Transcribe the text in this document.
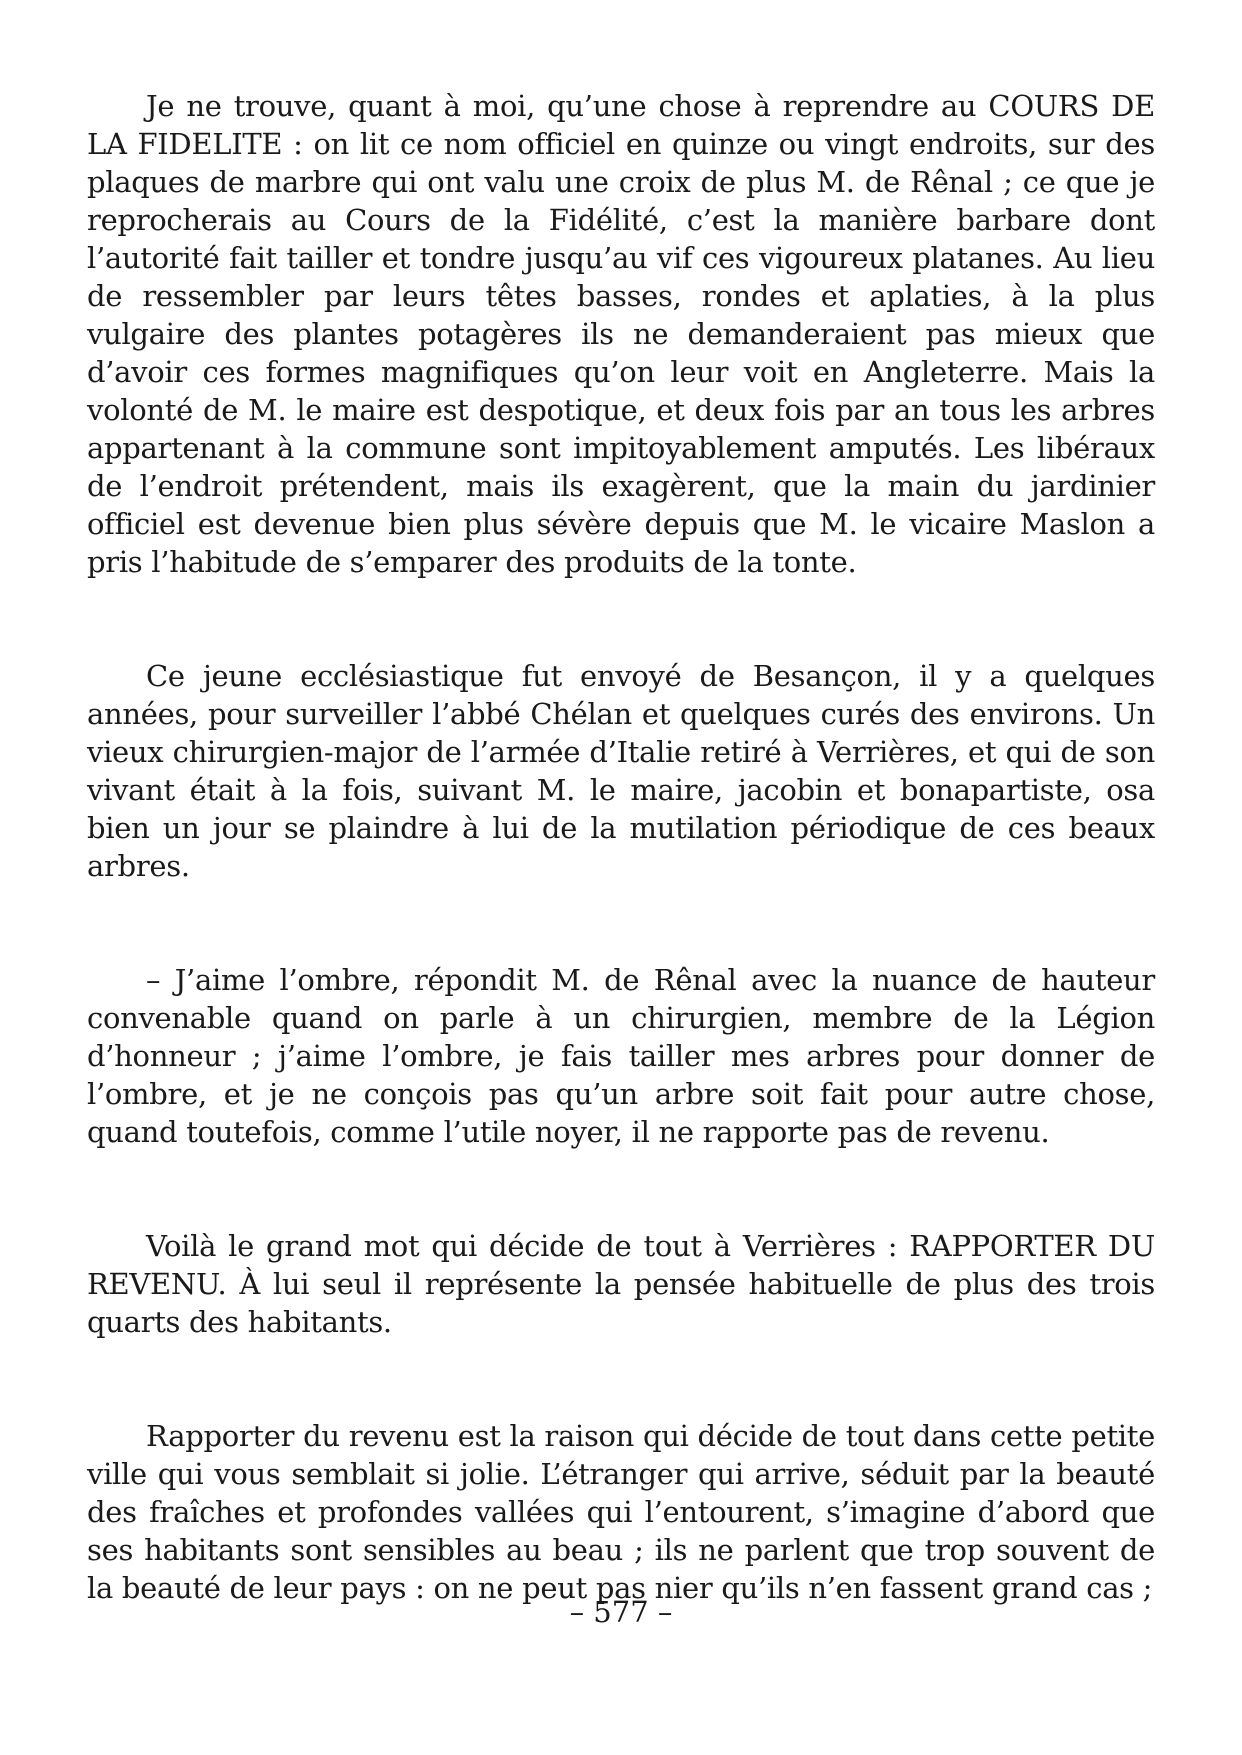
Je ne trouve, quant à moi, qu’une chose à reprendre au COURS DE LA FIDELITE : on lit ce nom officiel en quinze ou vingt endroits, sur des plaques de marbre qui ont valu une croix de plus M. de Rênal ; ce que je reprocherais au Cours de la Fidélité, c’est la manière barbare dont l’autorité fait tailler et tondre jusqu’au vif ces vigoureux platanes. Au lieu de ressembler par leurs têtes basses, rondes et aplaties, à la plus vulgaire des plantes potagères ils ne demanderaient pas mieux que d’avoir ces formes magnifiques qu’on leur voit en Angleterre. Mais la volonté de M. le maire est despotique, et deux fois par an tous les arbres appartenant à la commune sont impitoyablement amputés. Les libéraux de l’endroit prétendent, mais ils exagèrent, que la main du jardinier officiel est devenue bien plus sévère depuis que M. le vicaire Maslon a pris l’habitude de s’emparer des produits de la tonte.

Ce jeune ecclésiastique fut envoyé de Besançon, il y a quelques années, pour surveiller l’abbé Chélan et quelques curés des environs. Un vieux chirurgien-major de l’armée d’Italie retiré à Verrières, et qui de son vivant était à la fois, suivant M. le maire, jacobin et bonapartiste, osa bien un jour se plaindre à lui de la mutilation périodique de ces beaux arbres.

– J’aime l’ombre, répondit M. de Rênal avec la nuance de hauteur convenable quand on parle à un chirurgien, membre de la Légion d’honneur ; j’aime l’ombre, je fais tailler mes arbres pour donner de l’ombre, et je ne conçois pas qu’un arbre soit fait pour autre chose, quand toutefois, comme l’utile noyer, il ne rapporte pas de revenu.

Voilà le grand mot qui décide de tout à Verrières : RAPPORTER DU REVENU. À lui seul il représente la pensée habituelle de plus des trois quarts des habitants.

Rapporter du revenu est la raison qui décide de tout dans cette petite ville qui vous semblait si jolie. L’étranger qui arrive, séduit par la beauté des fraîches et profondes vallées qui l’entourent, s’imagine d’abord que ses habitants sont sensibles au beau ; ils ne parlent que trop souvent de la beauté de leur pays : on ne peut pas nier qu’ils n’en fassent grand cas ;

– 577 –
